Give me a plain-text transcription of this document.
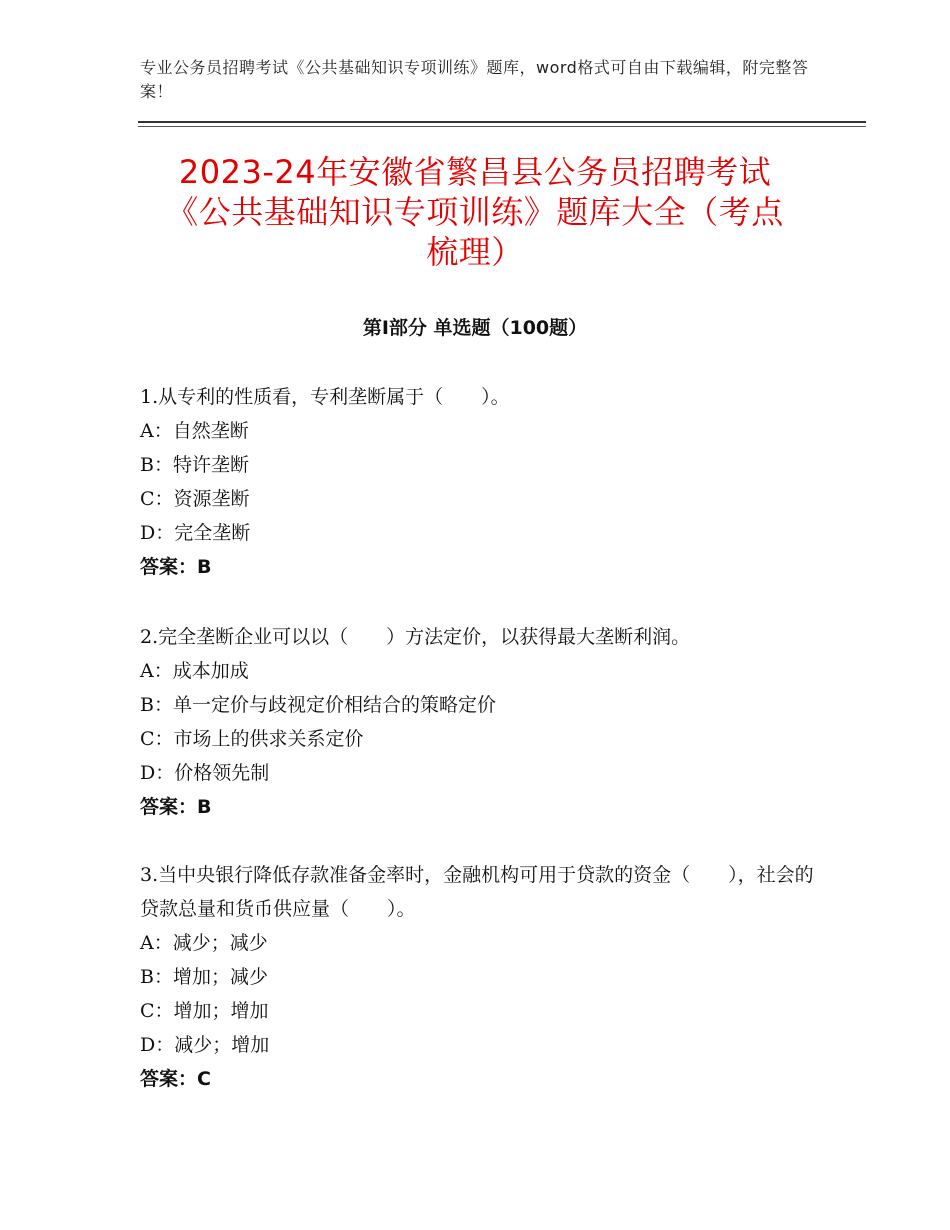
专业公务员招聘考试《公共基础知识专项训练》题库，word格式可自由下载编辑，附完整答案！
2023-24年安徽省繁昌县公务员招聘考试
《公共基础知识专项训练》题库大全（考点
梳理）
第Ⅰ部分 单选题（100题）

1.从专利的性质看，专利垄断属于（　　）。

A：自然垄断

B：特许垄断

C：资源垄断

D：完全垄断

答案：B

2.完全垄断企业可以以（　　）方法定价，以获得最大垄断利润。

A：成本加成

B：单一定价与歧视定价相结合的策略定价

C：市场上的供求关系定价

D：价格领先制

答案：B

3.当中央银行降低存款准备金率时，金融机构可用于贷款的资金（　　），社会的贷款总量和货币供应量（　　）。

A：减少；减少

B：增加；减少

C：增加；增加

D：减少；增加

答案：C
